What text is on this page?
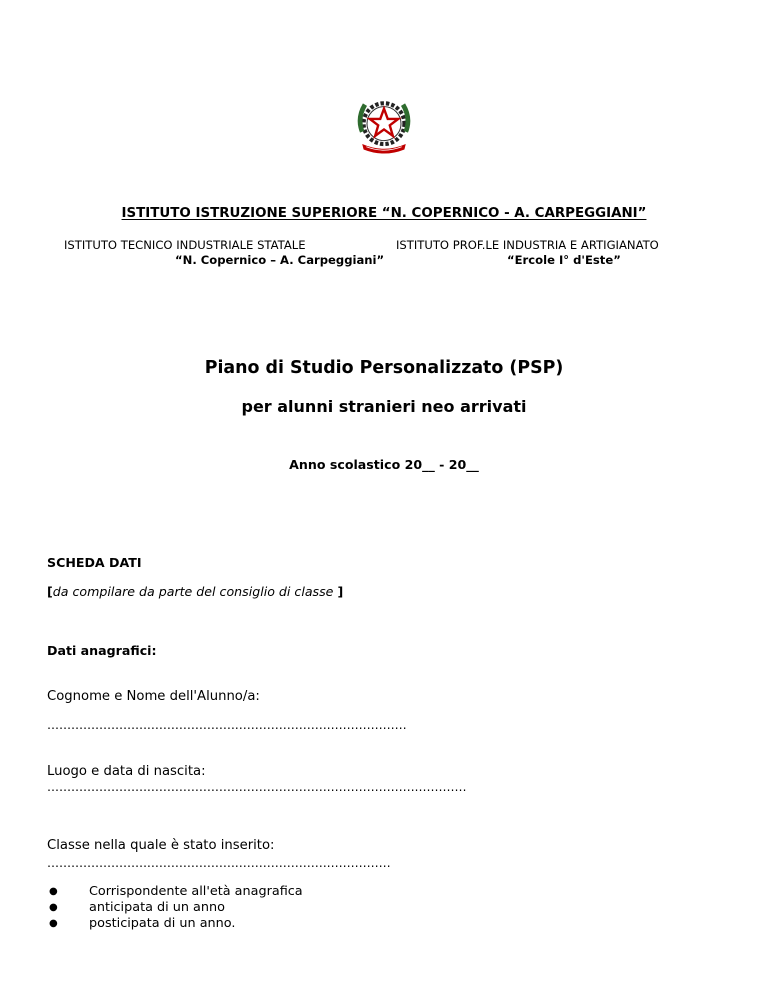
ISTITUTO ISTRUZIONE SUPERIORE “N. COPERNICO - A. CARPEGGIANI”
ISTITUTO TECNICO INDUSTRIALE STATALE
“N. Copernico – A. Carpeggiani”
ISTITUTO PROF.LE INDUSTRIA E ARTIGIANATO
“Ercole I° d'Este”
Piano di Studio Personalizzato (PSP)
per alunni stranieri neo arrivati
Anno scolastico 20__ - 20__
SCHEDA DATI
[da compilare da parte del consiglio di classe ]
Dati anagrafici:
Cognome e Nome dell'Alunno/a:
….......................................................................................
Luogo e data di nascita:
…......................................................................................................
Classe nella quale è stato inserito:
…...................................................................................
● Corrispondente all'età anagrafica
● anticipata di un anno
● posticipata di un anno.
